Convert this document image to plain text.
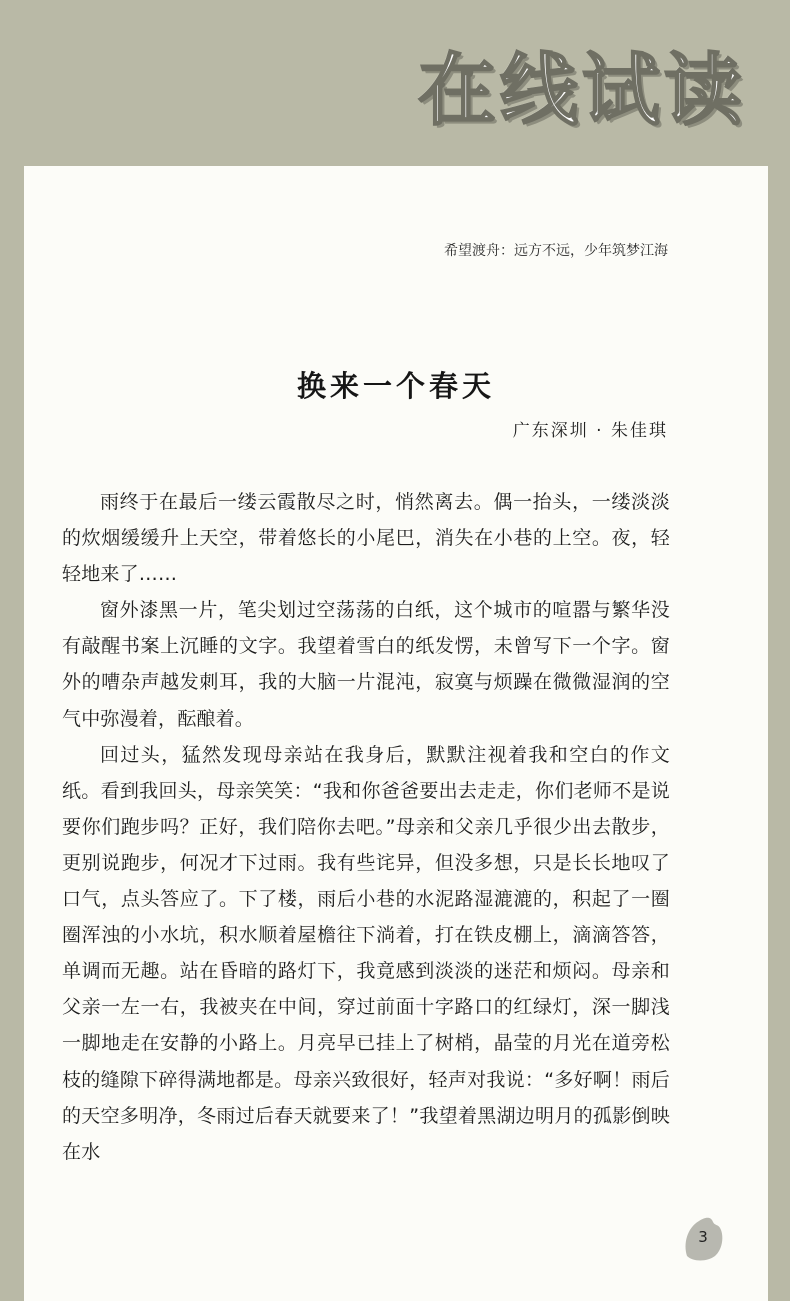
在线试读
希望渡舟：远方不远，少年筑梦江海
换来一个春天
广东深圳 · 朱佳琪

雨终于在最后一缕云霞散尽之时，悄然离去。偶一抬头，一缕淡淡的炊烟缓缓升上天空，带着悠长的小尾巴，消失在小巷的上空。夜，轻轻地来了……

窗外漆黑一片，笔尖划过空荡荡的白纸，这个城市的喧嚣与繁华没有敲醒书案上沉睡的文字。我望着雪白的纸发愣，未曾写下一个字。窗外的嘈杂声越发刺耳，我的大脑一片混沌，寂寞与烦躁在微微湿润的空气中弥漫着，酝酿着。

回过头，猛然发现母亲站在我身后，默默注视着我和空白的作文纸。看到我回头，母亲笑笑：“我和你爸爸要出去走走，你们老师不是说要你们跑步吗？正好，我们陪你去吧。”母亲和父亲几乎很少出去散步，更别说跑步，何况才下过雨。我有些诧异，但没多想，只是长长地叹了口气，点头答应了。下了楼，雨后小巷的水泥路湿漉漉的，积起了一圈圈浑浊的小水坑，积水顺着屋檐往下淌着，打在铁皮棚上，滴滴答答，单调而无趣。站在昏暗的路灯下，我竟感到淡淡的迷茫和烦闷。母亲和父亲一左一右，我被夹在中间，穿过前面十字路口的红绿灯，深一脚浅一脚地走在安静的小路上。月亮早已挂上了树梢，晶莹的月光在道旁松枝的缝隙下碎得满地都是。母亲兴致很好，轻声对我说：“多好啊！雨后的天空多明净，冬雨过后春天就要来了！”我望着黑湖边明月的孤影倒映在水

3
